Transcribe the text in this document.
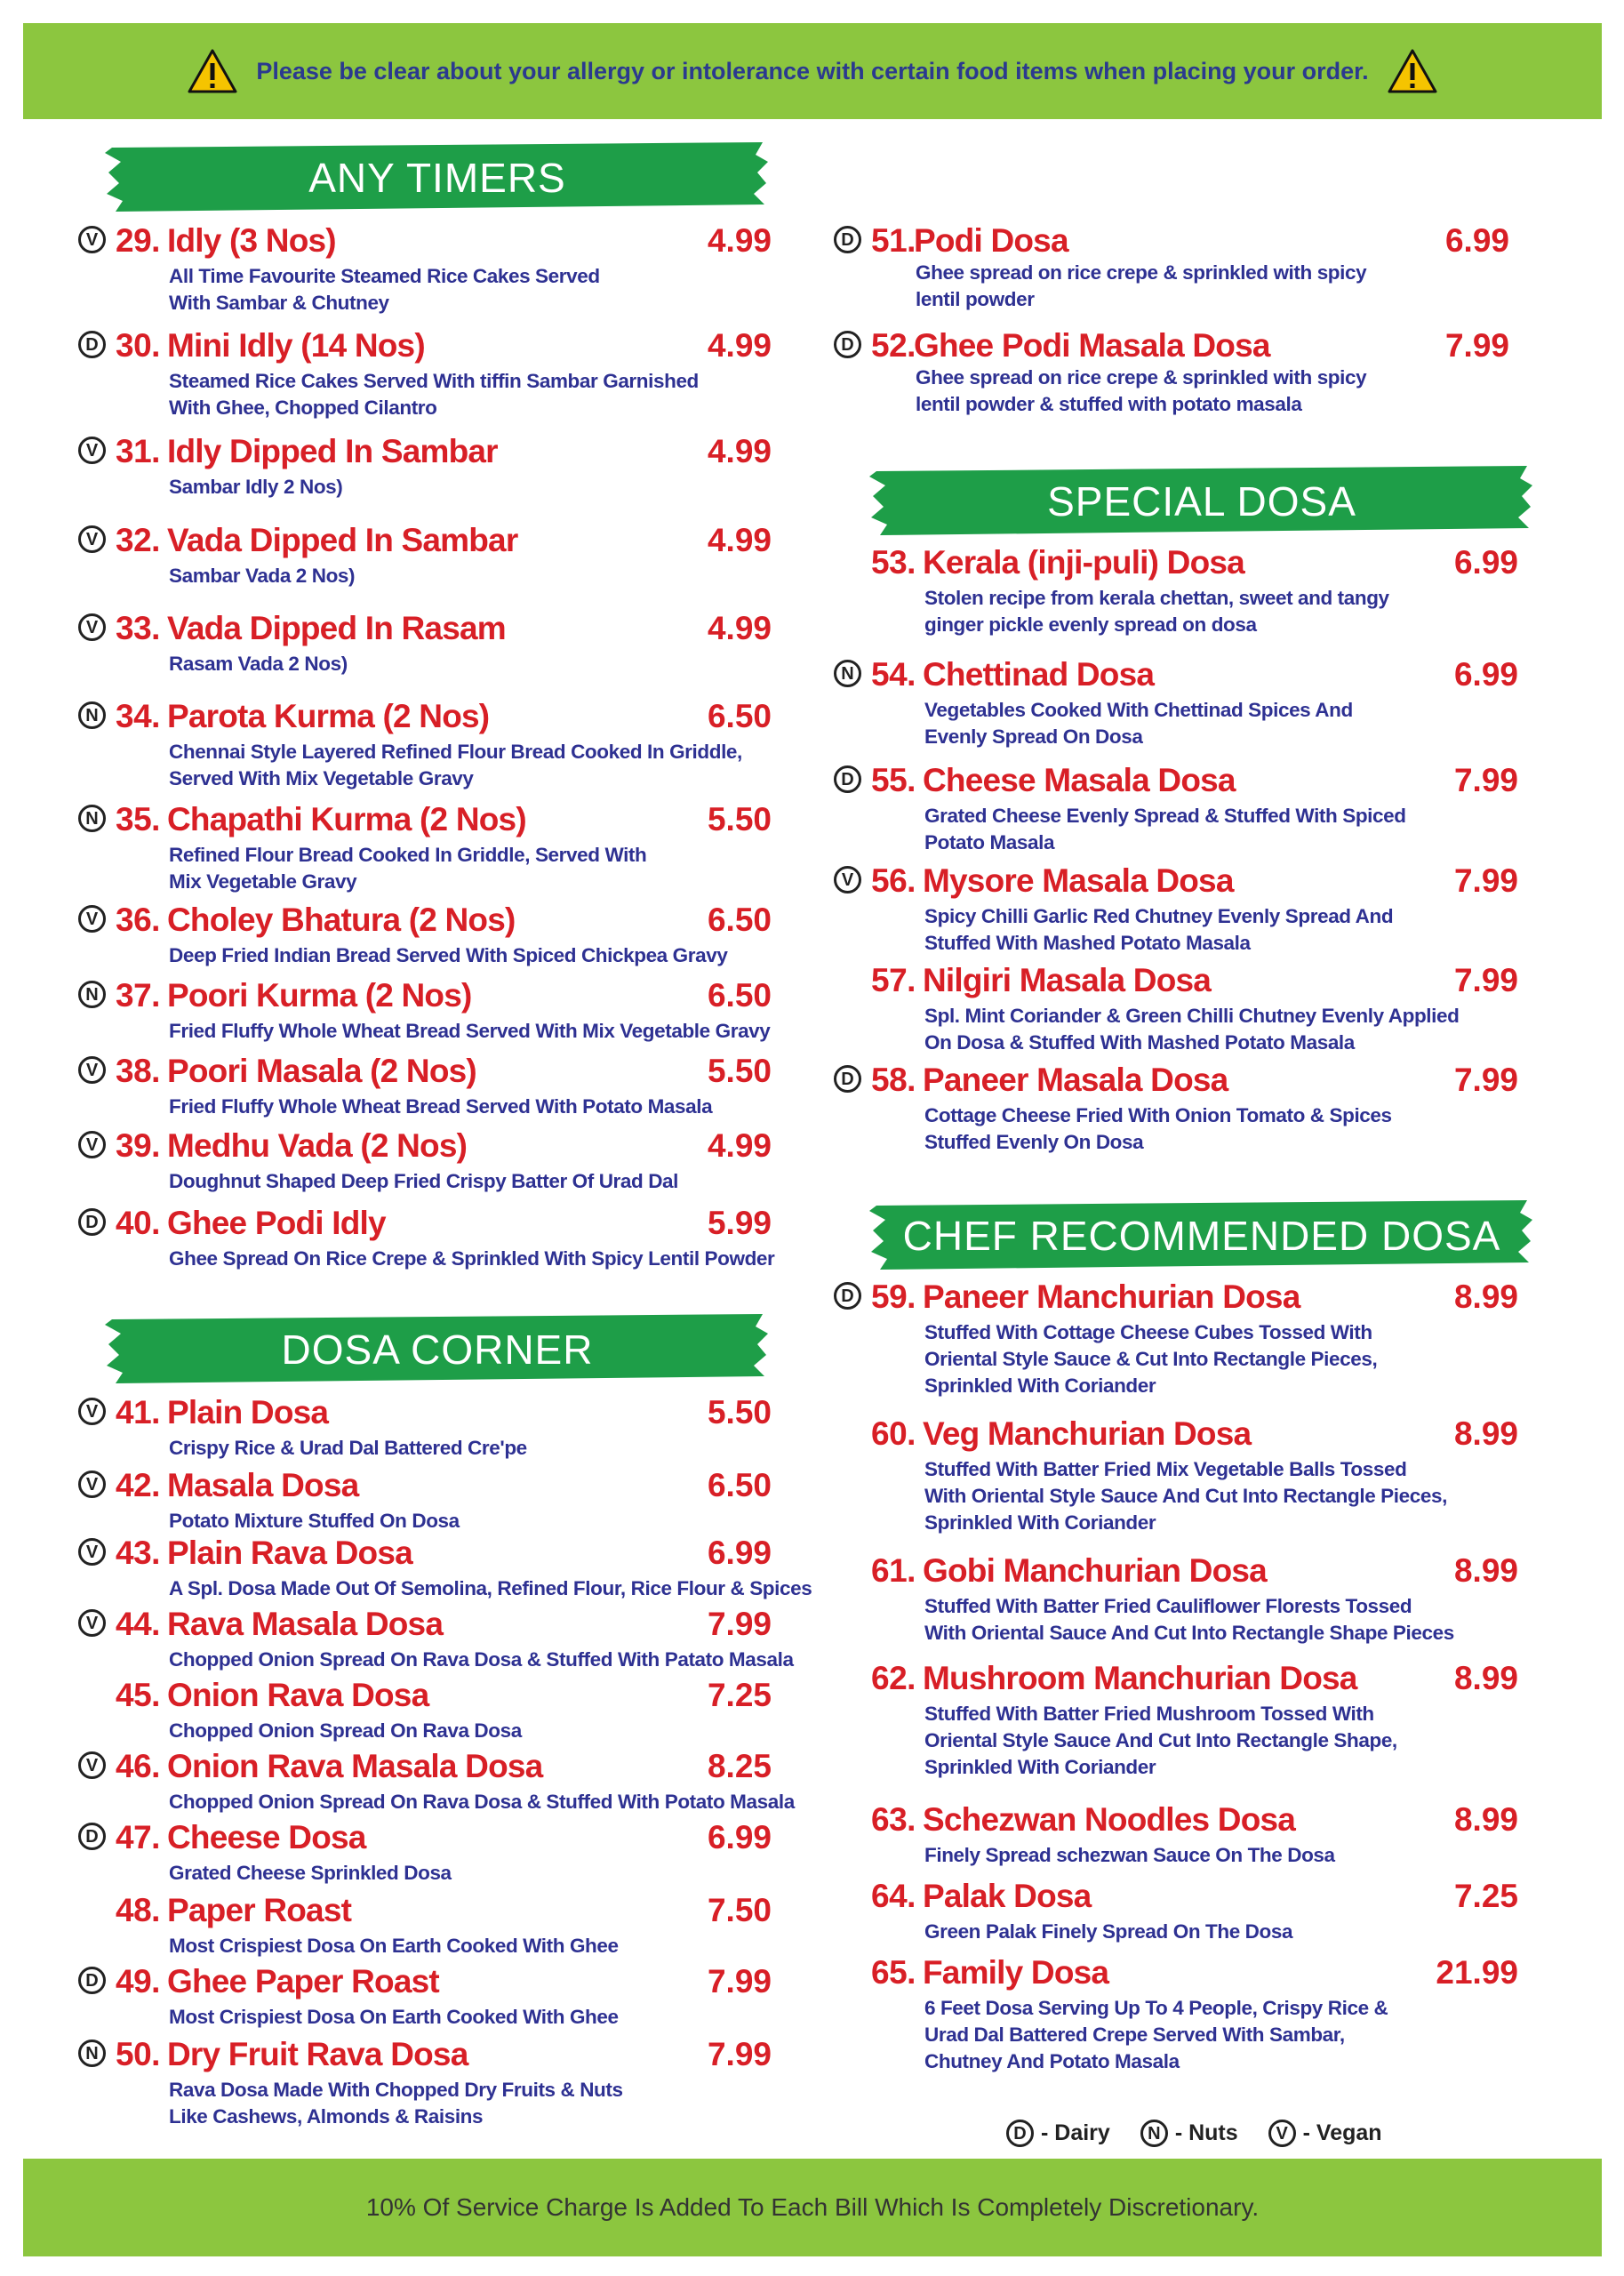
Please be clear about your allergy or intolerance with certain food items when placing your order.
ANY TIMERS
DOSA CORNER
SPECIAL DOSA
CHEF RECOMMENDED DOSA
V 29. Idly (3 Nos)	4.99
All Time Favourite Steamed Rice Cakes Served
With Sambar & Chutney
D 30. Mini Idly (14 Nos)	4.99
Steamed Rice Cakes Served With tiffin Sambar Garnished
With Ghee, Chopped Cilantro
V 31. Idly Dipped In Sambar	4.99
Sambar Idly 2 Nos)
V 32. Vada Dipped In Sambar	4.99
Sambar Vada 2 Nos)
V 33. Vada Dipped In Rasam	4.99
Rasam Vada 2 Nos)
N 34. Parota Kurma (2 Nos)	6.50
Chennai Style Layered Refined Flour Bread Cooked In Griddle,
Served With Mix Vegetable Gravy
N 35. Chapathi Kurma (2 Nos)	5.50
Refined Flour Bread Cooked In Griddle, Served With
Mix Vegetable Gravy
V 36. Choley Bhatura (2 Nos)	6.50
Deep Fried Indian Bread Served With Spiced Chickpea Gravy
N 37. Poori Kurma (2 Nos)	6.50
Fried Fluffy Whole Wheat Bread Served With Mix Vegetable Gravy
V 38. Poori Masala (2 Nos)	5.50
Fried Fluffy Whole Wheat Bread Served With Potato Masala
V 39. Medhu Vada (2 Nos)	4.99
Doughnut Shaped Deep Fried Crispy Batter Of Urad Dal
D 40. Ghee Podi Idly	5.99
Ghee Spread On Rice Crepe & Sprinkled With Spicy Lentil Powder
V 41. Plain Dosa	5.50
Crispy Rice & Urad Dal Battered Cre'pe
V 42. Masala Dosa	6.50
Potato Mixture Stuffed On Dosa
V 43. Plain Rava Dosa	6.99
A Spl. Dosa Made Out Of Semolina, Refined Flour, Rice Flour & Spices
V 44. Rava Masala Dosa	7.99
Chopped Onion Spread On Rava Dosa & Stuffed With Patato Masala
45. Onion Rava Dosa	7.25
Chopped Onion Spread On Rava Dosa
V 46. Onion Rava Masala Dosa	8.25
Chopped Onion Spread On Rava Dosa & Stuffed With Potato Masala
D 47. Cheese Dosa	6.99
Grated Cheese Sprinkled Dosa
48. Paper Roast	7.50
Most Crispiest Dosa On Earth Cooked With Ghee
D 49. Ghee Paper Roast	7.99
Most Crispiest Dosa On Earth Cooked With Ghee
N 50. Dry Fruit Rava Dosa	7.99
Rava Dosa Made With Chopped Dry Fruits & Nuts
Like Cashews, Almonds & Raisins
D 51.
Podi Dosa	6.99
Ghee spread on rice crepe & sprinkled with spicy
lentil powder
D 52.
Ghee Podi Masala Dosa	7.99
Ghee spread on rice crepe & sprinkled with spicy
lentil powder & stuffed with potato masala
53. Kerala (inji-puli) Dosa	6.99
Stolen recipe from kerala chettan, sweet and tangy
ginger pickle evenly spread on dosa
N 54. Chettinad Dosa	6.99
Vegetables Cooked With Chettinad Spices And
Evenly Spread On Dosa
D 55. Cheese Masala Dosa	7.99
Grated Cheese Evenly Spread & Stuffed With Spiced
Potato Masala
V 56. Mysore Masala Dosa	7.99
Spicy Chilli Garlic Red Chutney Evenly Spread And
Stuffed With Mashed Potato Masala
57. Nilgiri Masala Dosa	7.99
Spl. Mint Coriander & Green Chilli Chutney Evenly Applied
On Dosa & Stuffed With Mashed Potato Masala
D 58. Paneer Masala Dosa	7.99
Cottage Cheese Fried With Onion Tomato & Spices
Stuffed Evenly On Dosa
D 59. Paneer Manchurian Dosa	8.99
Stuffed With Cottage Cheese Cubes Tossed With
Oriental Style Sauce & Cut Into Rectangle Pieces,
Sprinkled With Coriander
60. Veg Manchurian Dosa	8.99
Stuffed With Batter Fried Mix Vegetable Balls Tossed
With Oriental Style Sauce And Cut Into Rectangle Pieces,
Sprinkled With Coriander
61. Gobi Manchurian Dosa	8.99
Stuffed With Batter Fried Cauliflower Florests Tossed
With Oriental Sauce And Cut Into Rectangle Shape Pieces
62. Mushroom Manchurian Dosa	8.99
Stuffed With Batter Fried Mushroom Tossed With
Oriental Style Sauce And Cut Into Rectangle Shape,
Sprinkled With Coriander
63. Schezwan Noodles Dosa	8.99
Finely Spread schezwan Sauce On The Dosa
64. Palak Dosa	7.25
Green Palak Finely Spread On The Dosa
65. Family Dosa	21.99
6 Feet Dosa Serving Up To 4 People, Crispy Rice &
Urad Dal Battered Crepe Served With Sambar,
Chutney And Potato Masala
D - Dairy	N - Nuts	V - Vegan
10% Of Service Charge Is Added To Each Bill Which Is Completely Discretionary.
